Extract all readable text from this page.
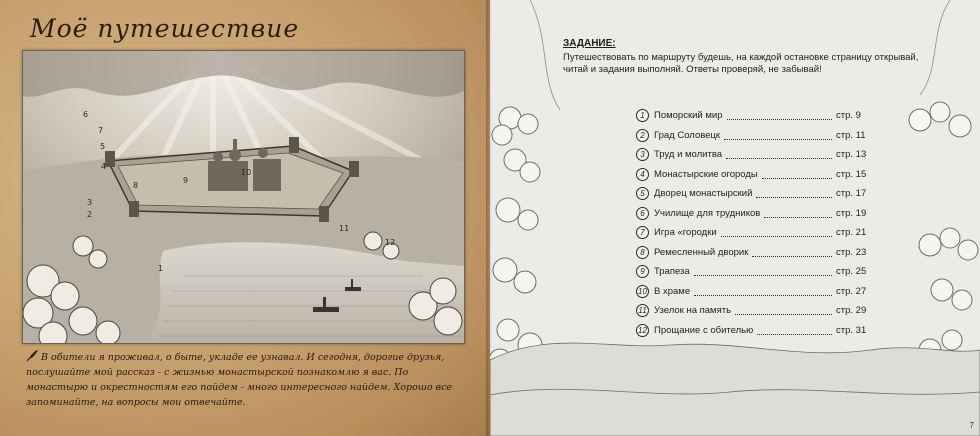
Моё путешествие
1
2
3
4
5
6
7
8
9
10
11
12
В обители я проживал, о быте, укладе ее узнавал. И сегодня, дорогие друзья, послушайте мой рассказ - с жизнью монастырской познакомлю я вас. По монастырю и окрестностям его пойдем - много интересного найдем. Хорошо все запоминайте, на вопросы мои отвечайте.
ЗАДАНИЕ:
Путешествовать по маршруту будешь, на каждой остановке страницу открывай, читай и задания выполняй. Ответы проверяй, не забывай!
1 Поморский мир	стр. 9
2 Град Соловецк	стр. 11
3 Труд и молитва	стр. 13
4 Монастырские огороды	стр. 15
5 Дворец монастырский	стр. 17
6 Училище для трудников	стр. 19
7 Игра «городки	стр. 21
8 Ремесленный дворик	стр. 23
9 Трапеза	стр. 25
10 В храме	стр. 27
11 Узелок на память	стр. 29
12 Прощание с обителью	стр. 31
7
